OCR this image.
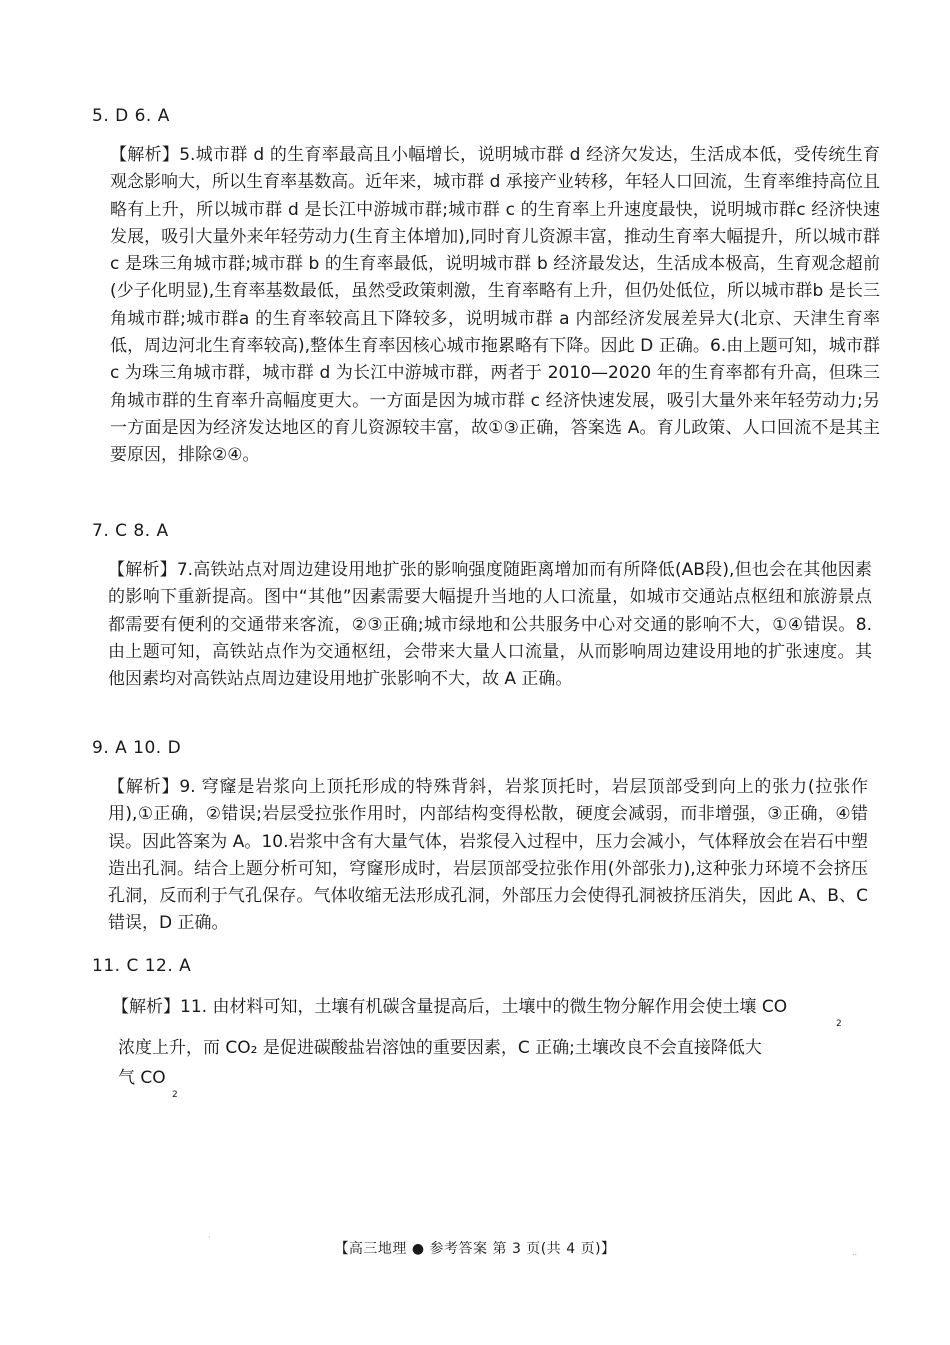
5. D 6. A
【解析】5.城市群 d 的生育率最高且小幅增长，说明城市群 d 经济欠发达，生活成本低，受传统生育观念影响大，所以生育率基数高。近年来，城市群 d 承接产业转移，年轻人口回流，生育率维持高位且略有上升，所以城市群 d 是长江中游城市群;城市群 c 的生育率上升速度最快，说明城市群c 经济快速发展，吸引大量外来年轻劳动力(生育主体增加),同时育儿资源丰富，推动生育率大幅提升，所以城市群 c 是珠三角城市群;城市群 b 的生育率最低，说明城市群 b 经济最发达，生活成本极高，生育观念超前(少子化明显),生育率基数最低，虽然受政策刺激，生育率略有上升，但仍处低位，所以城市群b 是长三角城市群;城市群a 的生育率较高且下降较多，说明城市群 a 内部经济发展差异大(北京、天津生育率低，周边河北生育率较高),整体生育率因核心城市拖累略有下降。因此 D 正确。6.由上题可知，城市群 c 为珠三角城市群，城市群 d 为长江中游城市群，两者于 2010—2020 年的生育率都有升高，但珠三角城市群的生育率升高幅度更大。一方面是因为城市群 c 经济快速发展，吸引大量外来年轻劳动力;另一方面是因为经济发达地区的育儿资源较丰富，故①③正确，答案选 A。育儿政策、人口回流不是其主要原因，排除②④。
7. C 8. A
【解析】7.高铁站点对周边建设用地扩张的影响强度随距离增加而有所降低(AB段),但也会在其他因素的影响下重新提高。图中“其他”因素需要大幅提升当地的人口流量，如城市交通站点枢纽和旅游景点都需要有便利的交通带来客流，②③正确;城市绿地和公共服务中心对交通的影响不大，①④错误。8. 由上题可知，高铁站点作为交通枢纽，会带来大量人口流量，从而影响周边建设用地的扩张速度。其他因素均对高铁站点周边建设用地扩张影响不大，故 A 正确。
9. A 10. D
【解析】9. 穹窿是岩浆向上顶托形成的特殊背斜，岩浆顶托时，岩层顶部受到向上的张力(拉张作用),①正确，②错误;岩层受拉张作用时，内部结构变得松散，硬度会减弱，而非增强，③正确，④错误。因此答案为 A。10.岩浆中含有大量气体，岩浆侵入过程中，压力会减小，气体释放会在岩石中塑造出孔洞。结合上题分析可知，穹窿形成时，岩层顶部受拉张作用(外部张力),这种张力环境不会挤压孔洞，反而利于气孔保存。气体收缩无法形成孔洞，外部压力会使得孔洞被挤压消失，因此 A、B、C 错误，D 正确。
11. C 12. A
【解析】11. 由材料可知，土壤有机碳含量提高后，土壤中的微生物分解作用会使土壤 CO
2
浓度上升，而 CO₂ 是促进碳酸盐岩溶蚀的重要因素，C 正确;土壤改良不会直接降低大
气 CO
2
·
【高三地理 ● 参考答案 第 3 页(共 4 页)】	..
